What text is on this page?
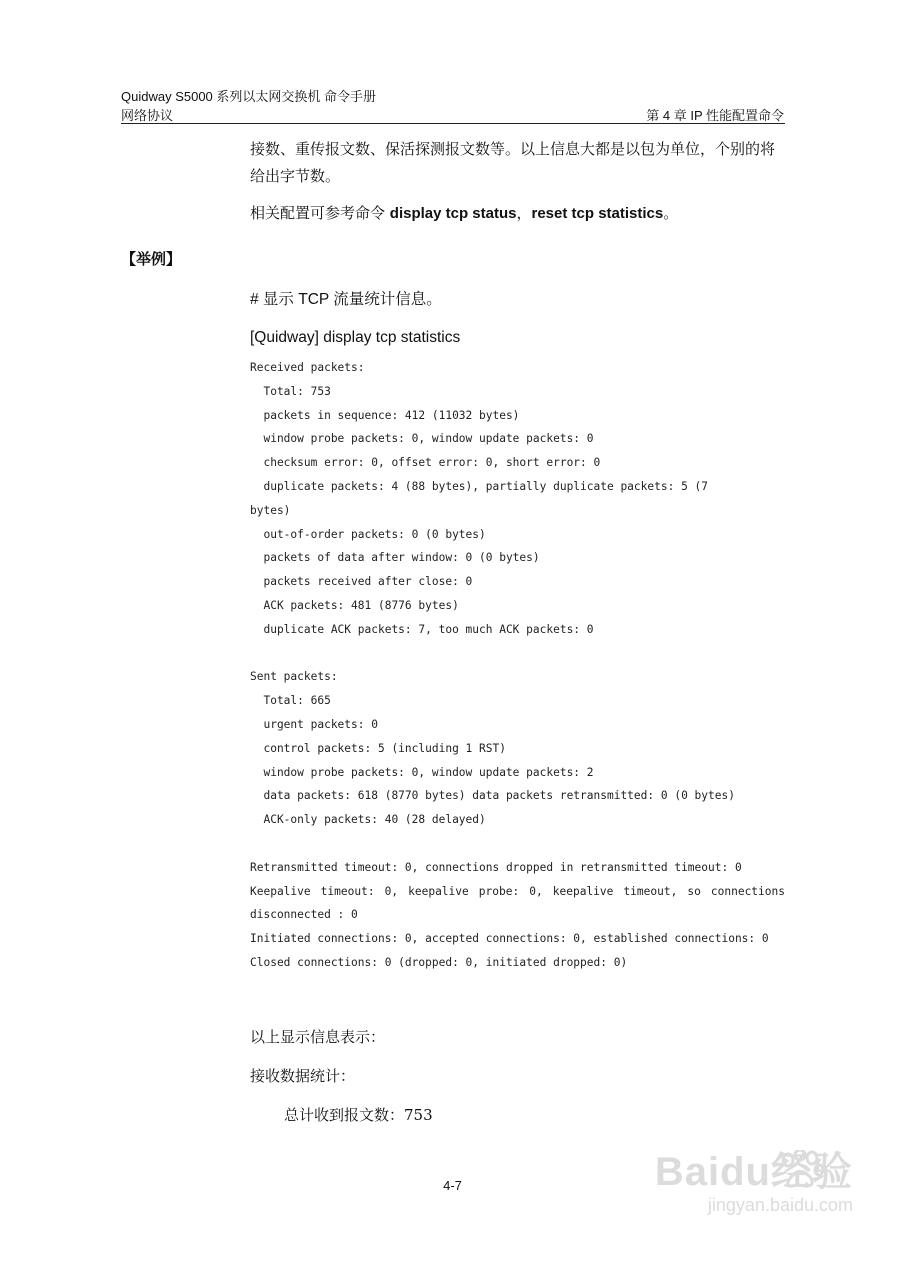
Quidway S5000 系列以太网交换机 命令手册
网络协议	第 4 章 IP 性能配置命令
接数、重传报文数、保活探测报文数等。以上信息大都是以包为单位，个别的将给出字节数。
相关配置可参考命令 display tcp status，reset tcp statistics。
【举例】
# 显示 TCP 流量统计信息。
[Quidway] display tcp statistics
Received packets:
Total: 753
packets in sequence: 412 (11032 bytes)
window probe packets: 0, window update packets: 0
checksum error: 0, offset error: 0, short error: 0
duplicate packets: 4 (88 bytes), partially duplicate packets: 5 (7
bytes)
out-of-order packets: 0 (0 bytes)
packets of data after window: 0 (0 bytes)
packets received after close: 0
ACK packets: 481 (8776 bytes)
duplicate ACK packets: 7, too much ACK packets: 0
Sent packets:
Total: 665
urgent packets: 0
control packets: 5 (including 1 RST)
window probe packets: 0, window update packets: 2
data packets: 618 (8770 bytes) data packets retransmitted: 0 (0 bytes)
ACK-only packets: 40 (28 delayed)
Retransmitted timeout: 0, connections dropped in retransmitted timeout: 0
Keepalive timeout: 0, keepalive probe: 0, keepalive timeout, so connections disconnected : 0
Initiated connections: 0, accepted connections: 0, established connections: 0
Closed connections: 0 (dropped: 0, initiated dropped: 0)
以上显示信息表示：
接收数据统计：
总计收到报文数：753
4-7	Baidu经验
jingyan.baidu.com
